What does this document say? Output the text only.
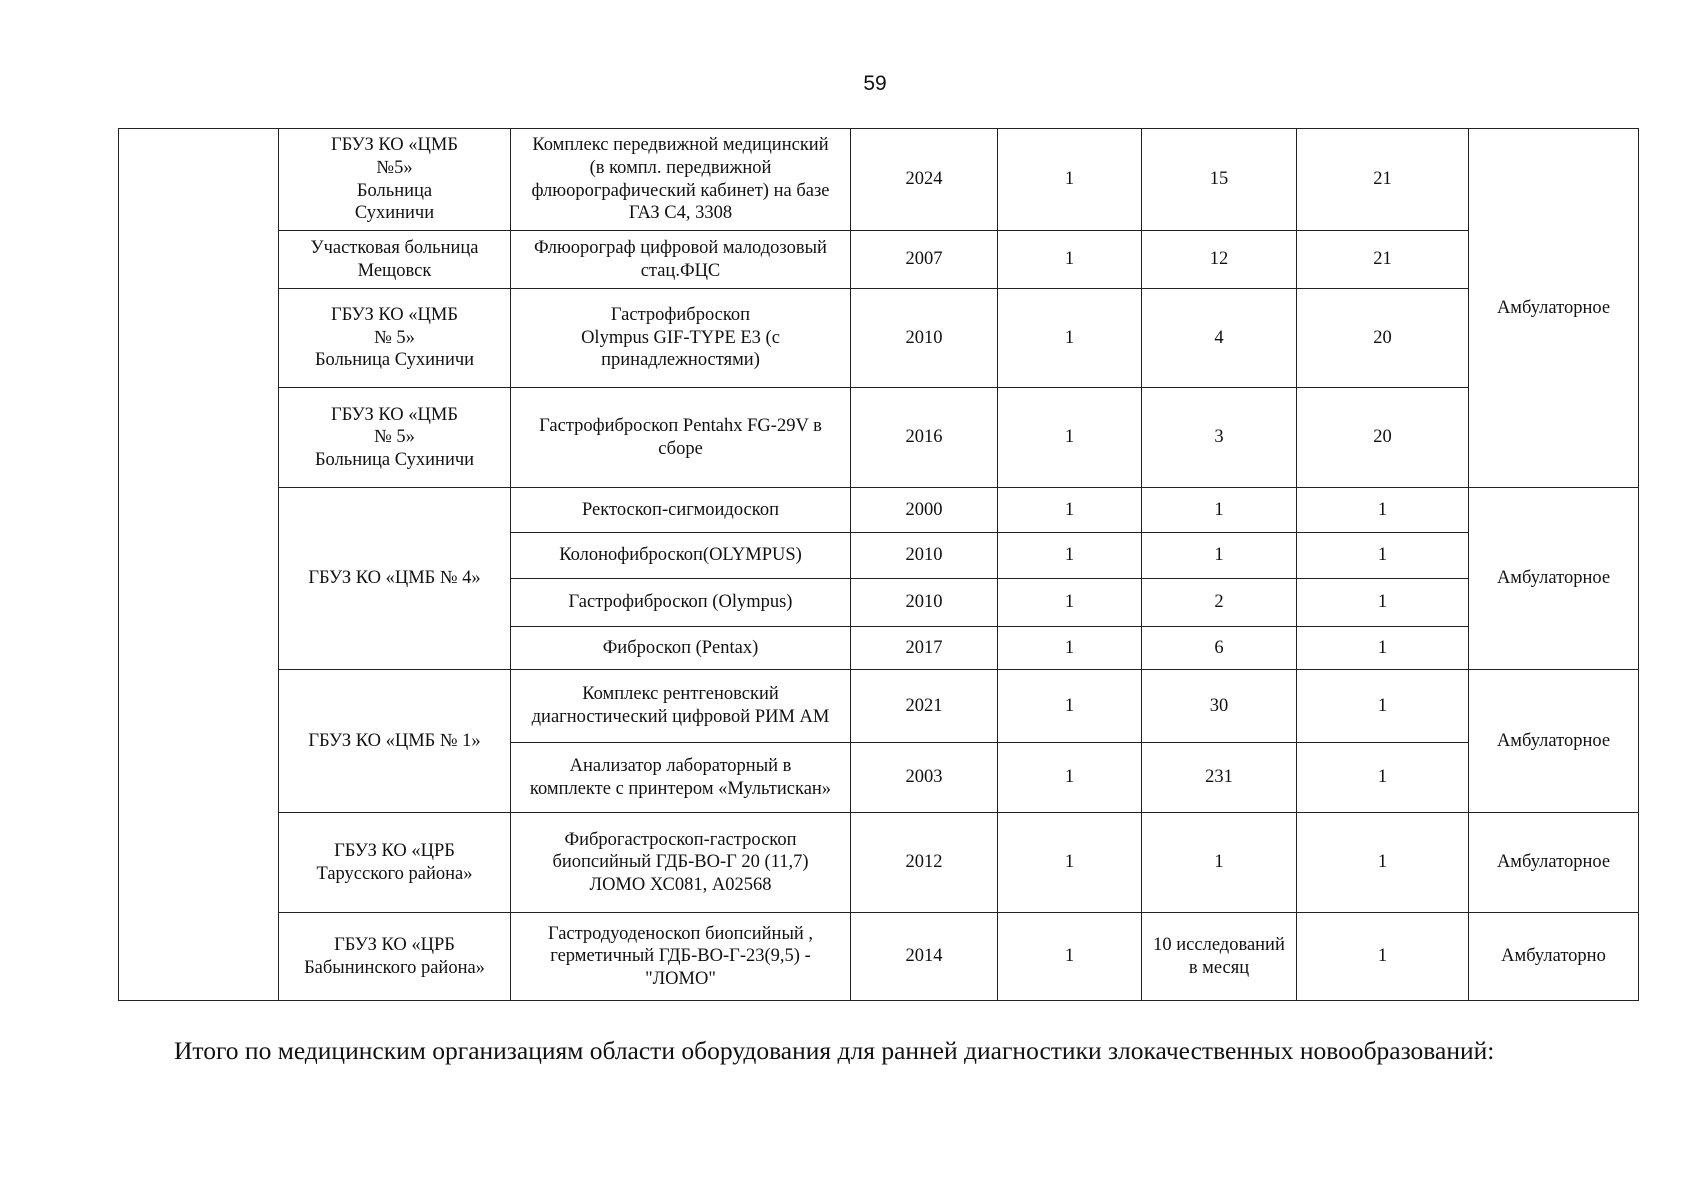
59
	ГБУЗ КО «ЦМБ
№5»
Больница
Сухиничи	Комплекс передвижной медицинский
(в компл. передвижной
флюорографический кабинет) на базе
ГАЗ С4, 3308	2024	1	15	21	Амбулаторное
	Участковая больница
Мещовск	Флюорограф цифровой малодозовый
стац.ФЦС	2007	1	12	21	
	ГБУЗ КО «ЦМБ
№ 5»
Больница Сухиничи	Гастрофиброскоп
Olympus GIF-TYPE E3 (с
принадлежностями)	2010	1	4	20	
	ГБУЗ КО «ЦМБ
№ 5»
Больница Сухиничи	Гастрофиброскоп Pentahx FG-29V в
сборе	2016	1	3	20	
	ГБУЗ КО «ЦМБ № 4»	Ректоскоп-сигмоидоскоп	2000	1	1	1	Амбулаторное
		Колонофиброскоп(OLYMPUS)	2010	1	1	1	
		Гастрофиброскоп (Olympus)	2010	1	2	1	
		Фиброскоп (Pentax)	2017	1	6	1	
	ГБУЗ КО «ЦМБ № 1»	Комплекс рентгеновский
диагностический цифровой РИМ АМ	2021	1	30	1	Амбулаторное
		Анализатор лабораторный в
комплекте с принтером «Мультискан»	2003	1	231	1	
	ГБУЗ КО «ЦРБ
Тарусского района»	Фиброгастроскоп-гастроскоп
биопсийный ГДБ-ВО-Г 20 (11,7)
ЛОМО ХС081, А02568	2012	1	1	1	Амбулаторное
	ГБУЗ КО «ЦРБ
Бабынинского района»	Гастродуоденоскоп биопсийный ,
герметичный ГДБ-ВО-Г-23(9,5) -
"ЛОМО"	2014	1	10 исследований
в месяц	1	Амбулаторно
Итого по медицинским организациям области оборудования для ранней диагностики злокачественных новообразований:
